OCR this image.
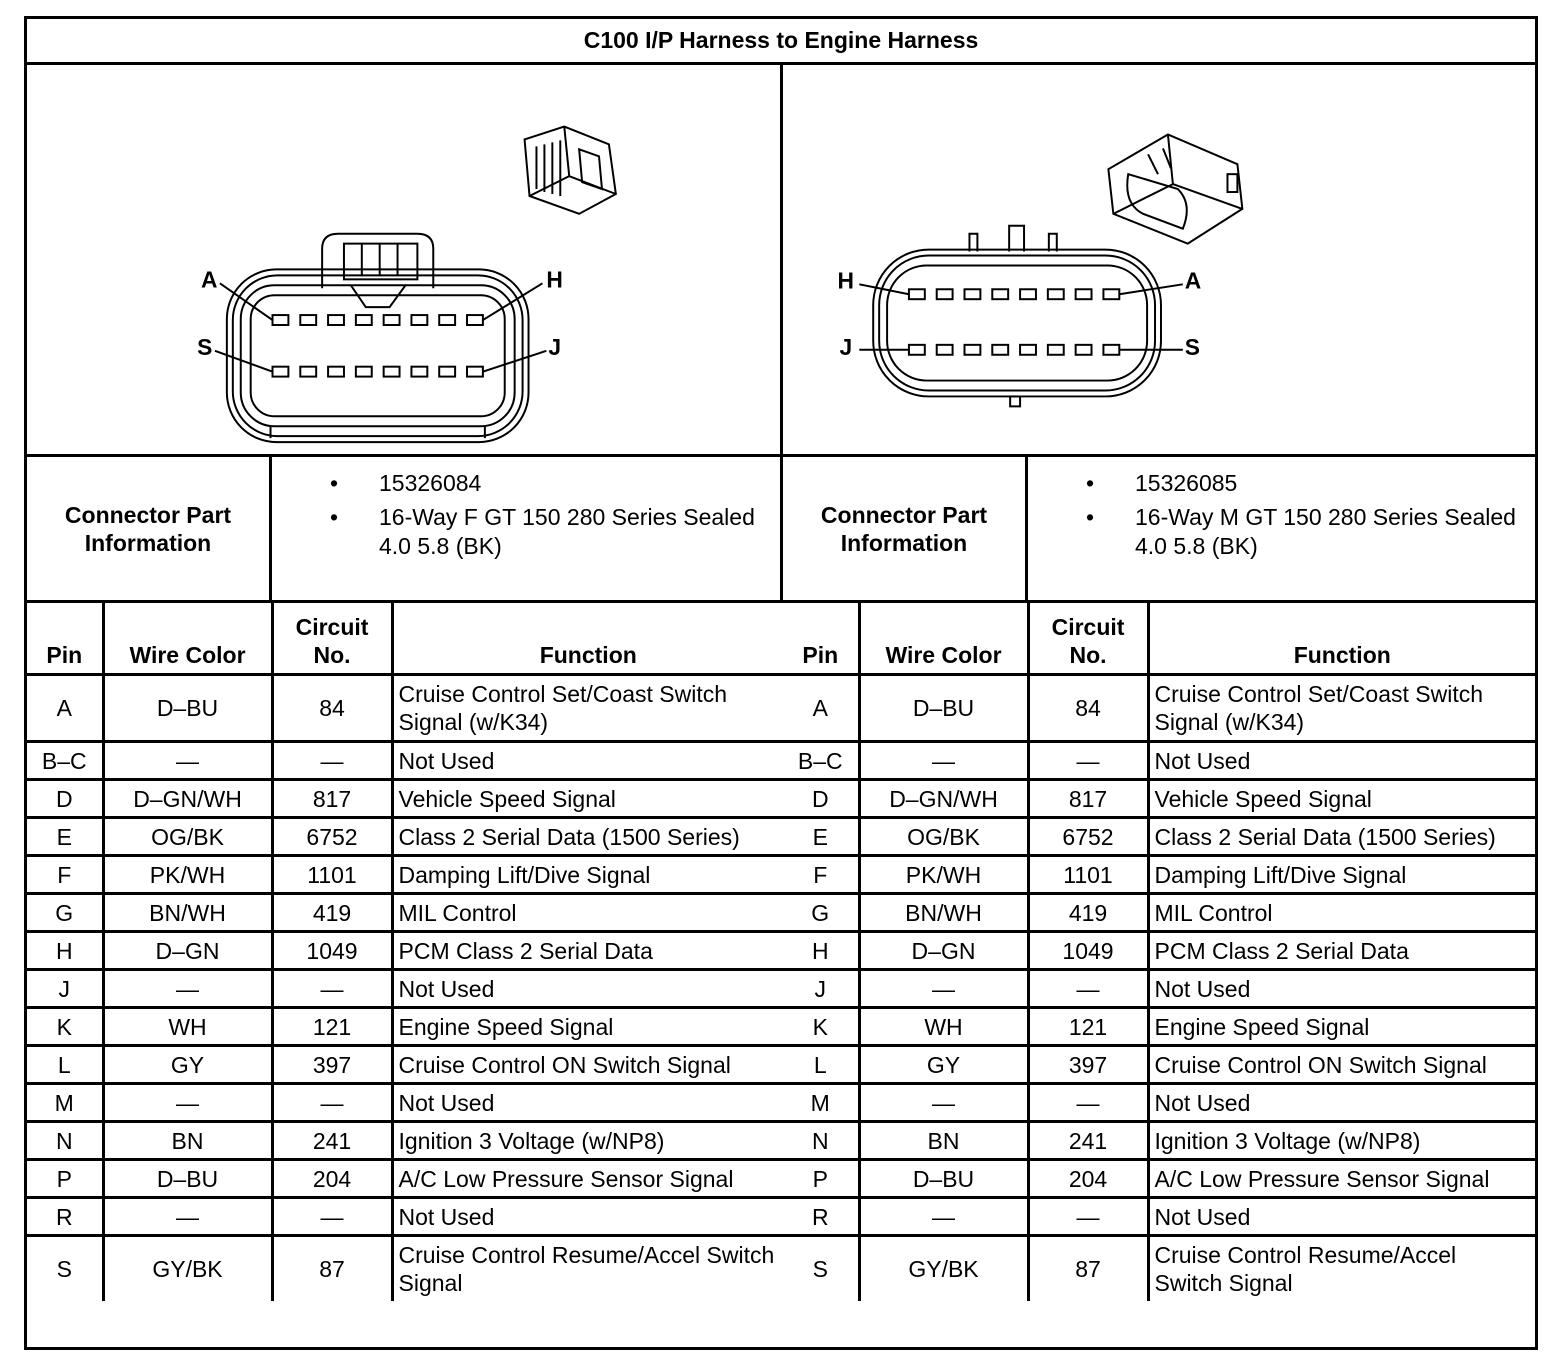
C100 I/P Harness to Engine Harness
A	H
S	J
H	A
J	S
Connector Part
Information
• 15326084
• 16-Way F GT 150 280 Series Sealed 4.0 5.8 (BK)
Connector Part
Information
• 15326085
• 16-Way M GT 150 280 Series Sealed 4.0 5.8 (BK)
Pin	Wire Color	Circuit
No.	Function
A	D–BU	84	Cruise Control Set/Coast Switch Signal (w/K34)
B–C	—	—	Not Used
D	D–GN/WH	817	Vehicle Speed Signal
E	OG/BK	6752	Class 2 Serial Data (1500 Series)
F	PK/WH	1101	Damping Lift/Dive Signal
G	BN/WH	419	MIL Control
H	D–GN	1049	PCM Class 2 Serial Data
J	—	—	Not Used
K	WH	121	Engine Speed Signal
L	GY	397	Cruise Control ON Switch Signal
M	—	—	Not Used
N	BN	241	Ignition 3 Voltage (w/NP8)
P	D–BU	204	A/C Low Pressure Sensor Signal
R	—	—	Not Used
S	GY/BK	87	Cruise Control Resume/Accel Switch Signal
Pin	Wire Color	Circuit
No.	Function
A	D–BU	84	Cruise Control Set/Coast Switch Signal (w/K34)
B–C	—	—	Not Used
D	D–GN/WH	817	Vehicle Speed Signal
E	OG/BK	6752	Class 2 Serial Data (1500 Series)
F	PK/WH	1101	Damping Lift/Dive Signal
G	BN/WH	419	MIL Control
H	D–GN	1049	PCM Class 2 Serial Data
J	—	—	Not Used
K	WH	121	Engine Speed Signal
L	GY	397	Cruise Control ON Switch Signal
M	—	—	Not Used
N	BN	241	Ignition 3 Voltage (w/NP8)
P	D–BU	204	A/C Low Pressure Sensor Signal
R	—	—	Not Used
S	GY/BK	87	Cruise Control Resume/Accel Switch Signal
